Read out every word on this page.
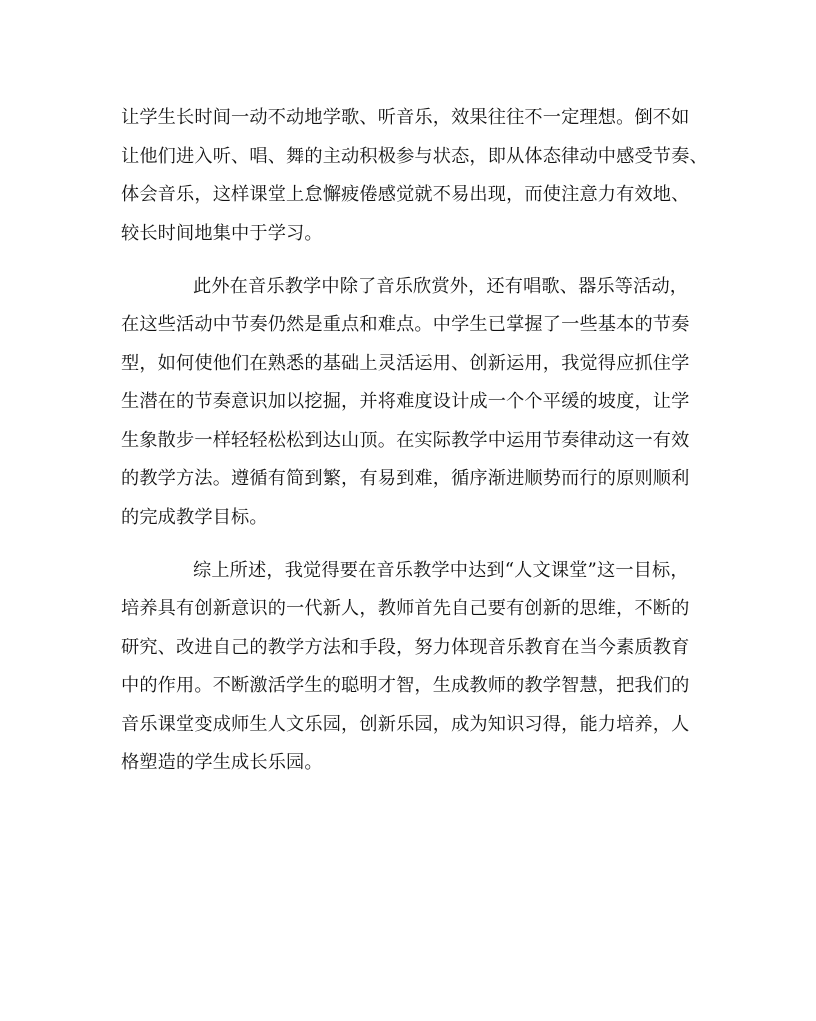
让学生长时间一动不动地学歌、听音乐，效果往往不一定理想。倒不如
让他们进入听、唱、舞的主动积极参与状态，即从体态律动中感受节奏、
体会音乐，这样课堂上怠懈疲倦感觉就不易出现，而使注意力有效地、
较长时间地集中于学习。
此外在音乐教学中除了音乐欣赏外，还有唱歌、器乐等活动，
在这些活动中节奏仍然是重点和难点。中学生已掌握了一些基本的节奏
型，如何使他们在熟悉的基础上灵活运用、创新运用，我觉得应抓住学
生潜在的节奏意识加以挖掘，并将难度设计成一个个平缓的坡度，让学
生象散步一样轻轻松松到达山顶。在实际教学中运用节奏律动这一有效
的教学方法。遵循有简到繁，有易到难，循序渐进顺势而行的原则顺利
的完成教学目标。
综上所述，我觉得要在音乐教学中达到“人文课堂”这一目标，
培养具有创新意识的一代新人，教师首先自己要有创新的思维，不断的
研究、改进自己的教学方法和手段，努力体现音乐教育在当今素质教育
中的作用。不断激活学生的聪明才智，生成教师的教学智慧，把我们的
音乐课堂变成师生人文乐园，创新乐园，成为知识习得，能力培养，人
格塑造的学生成长乐园。
